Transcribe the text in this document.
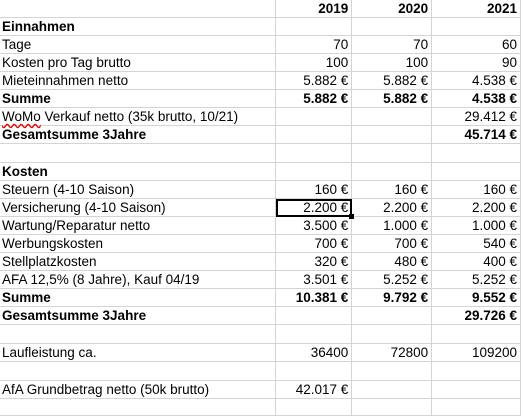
	2019	2020	2021
Einnahmen			
Tage	70	70	60
Kosten pro Tag brutto	100	100	90
Mieteinnahmen netto	5.882 €	5.882 €	4.538 €
Summe	5.882 €	5.882 €	4.538 €
WoMo Verkauf netto (35k brutto, 10/21)			29.412 €
Gesamtsumme 3Jahre			45.714 €

Kosten			
Steuern (4-10 Saison)	160 €	160 €	160 €
Versicherung (4-10 Saison)	2.200 €	2.200 €	2.200 €
Wartung/Reparatur netto	3.500 €	1.000 €	1.000 €
Werbungskosten	700 €	700 €	540 €
Stellplatzkosten	320 €	480 €	400 €
AFA 12,5% (8 Jahre), Kauf 04/19	3.501 €	5.252 €	5.252 €
Summe	10.381 €	9.792 €	9.552 €
Gesamtsumme 3Jahre			29.726 €

Laufleistung ca.	36400	72800	109200

AfA Grundbetrag netto (50k brutto)	42.017 €		
